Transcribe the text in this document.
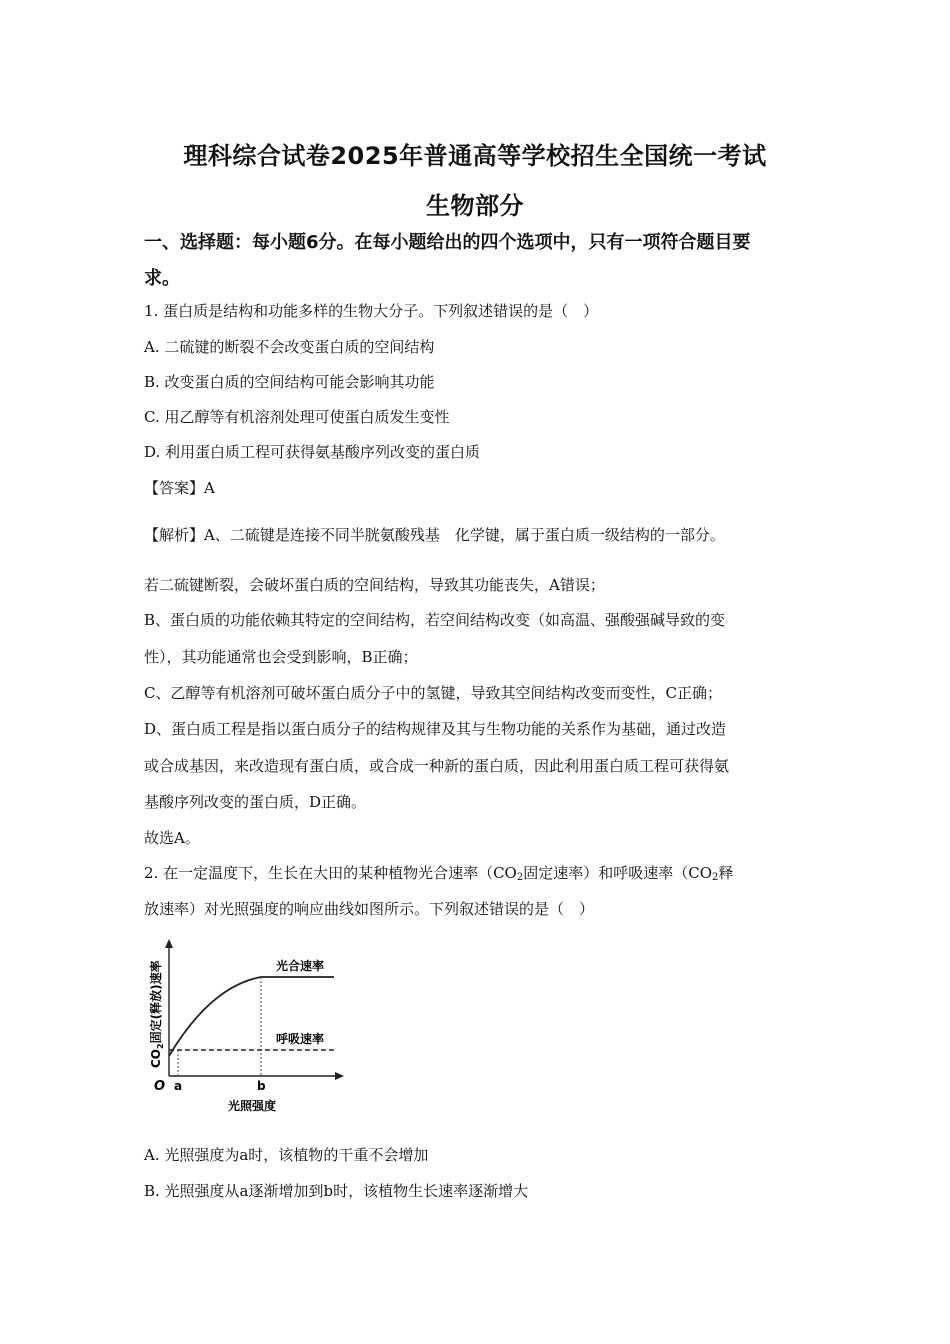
理科综合试卷2025年普通高等学校招生全国统一考试
生物部分
一、选择题：每小题6分。在每小题给出的四个选项中，只有一项符合题目要
求。
1. 蛋白质是结构和功能多样的生物大分子。下列叙述错误的是（　）
A. 二硫键的断裂不会改变蛋白质的空间结构
B. 改变蛋白质的空间结构可能会影响其功能
C. 用乙醇等有机溶剂处理可使蛋白质发生变性
D. 利用蛋白质工程可获得氨基酸序列改变的蛋白质
【答案】A
【解析】A、二硫键是连接不同半胱氨酸残基　化学键，属于蛋白质一级结构的一部分。
若二硫键断裂，会破坏蛋白质的空间结构，导致其功能丧失，A错误；
B、蛋白质的功能依赖其特定的空间结构，若空间结构改变（如高温、强酸强碱导致的变
性），其功能通常也会受到影响，B正确；
C、乙醇等有机溶剂可破坏蛋白质分子中的氢键，导致其空间结构改变而变性，C正确；
D、蛋白质工程是指以蛋白质分子的结构规律及其与生物功能的关系作为基础，通过改造
或合成基因，来改造现有蛋白质，或合成一种新的蛋白质，因此利用蛋白质工程可获得氨
基酸序列改变的蛋白质，D正确。
故选A。
2. 在一定温度下，生长在大田的某种植物光合速率（$CO_2$固定速率）和呼吸速率（$CO_2$释
放速率）对光照强度的响应曲线如图所示。下列叙述错误的是（　）
光合速率
呼吸速率
O a	b
光照强度
$CO_2$固定(释放)速率
A. 光照强度为a时，该植物的干重不会增加
B. 光照强度从a逐渐增加到b时，该植物生长速率逐渐增大
